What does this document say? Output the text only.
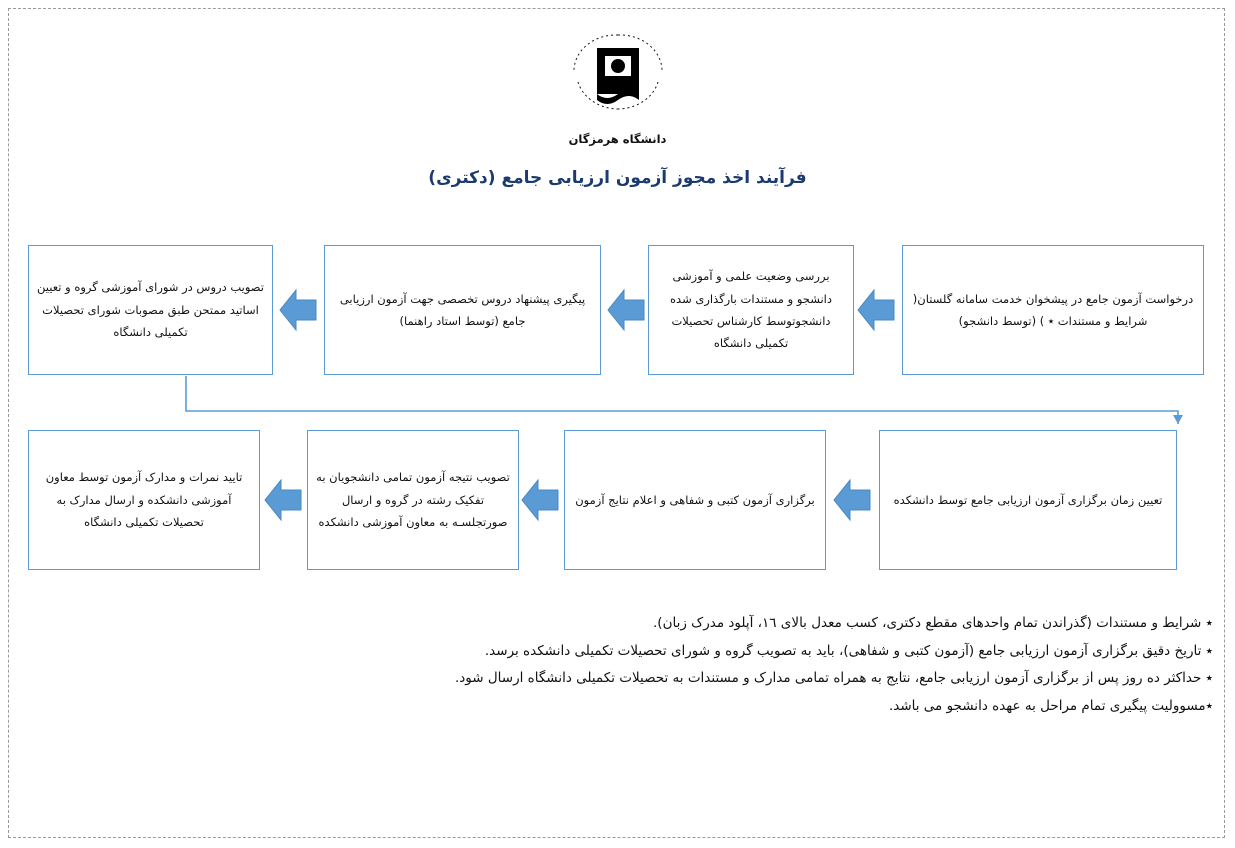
دانشگاه هرمزگان
فرآیند اخذ مجوز آزمون ارزیابی جامع (دکتری)
درخواست آزمون جامع در پیشخوان خدمت سامانه گلستان( شرایط و مستندات ٭ ) (توسط دانشجو)
بررسی وضعیت علمی و آموزشی دانشجو و مستندات بارگذاری شده دانشجوتوسط کارشناس تحصیلات تکمیلی دانشگاه
پیگیری پیشنهاد دروس تخصصی جهت آزمون ارزیابی جامع (توسط استاد راهنما)
تصویب دروس در شورای آموزشی گروه و تعیین اساتید ممتحن طبق مصوبات شورای تحصیلات تکمیلی دانشگاه
تعیین زمان برگزاری آزمون ارزیابی جامع توسط دانشکده
برگزاری آزمون کتبی و شفاهی و اعلام نتایج آزمون
تصویب نتیجه آزمون تمامی دانشجویان به تفکیک رشته در گروه و ارسال صورتجلسـه به معاون آموزشی دانشکده
تایید نمرات و مدارک آزمون توسط معاون آموزشی دانشکده و ارسال مدارک به تحصیلات تکمیلی دانشگاه
٭ شرایط و مستندات (گذراندن تمام واحدهای مقطع دکتری، کسب معدل بالای ١٦، آپلود مدرک زبان).
٭ تاریخ دقیق برگزاری آزمون ارزیابی جامع (آزمون کتبی و شفاهی)، باید به تصویب گروه و شورای تحصیلات تکمیلی دانشکده برسد.
٭ حداکثر ده روز پس از برگزاری آزمون ارزیابی جامع، نتایج به همراه تمامی مدارک و مستندات به تحصیلات تکمیلی دانشگاه ارسال شود.
٭مسوولیت پیگیری تمام مراحل به عهده دانشجو می باشد.
